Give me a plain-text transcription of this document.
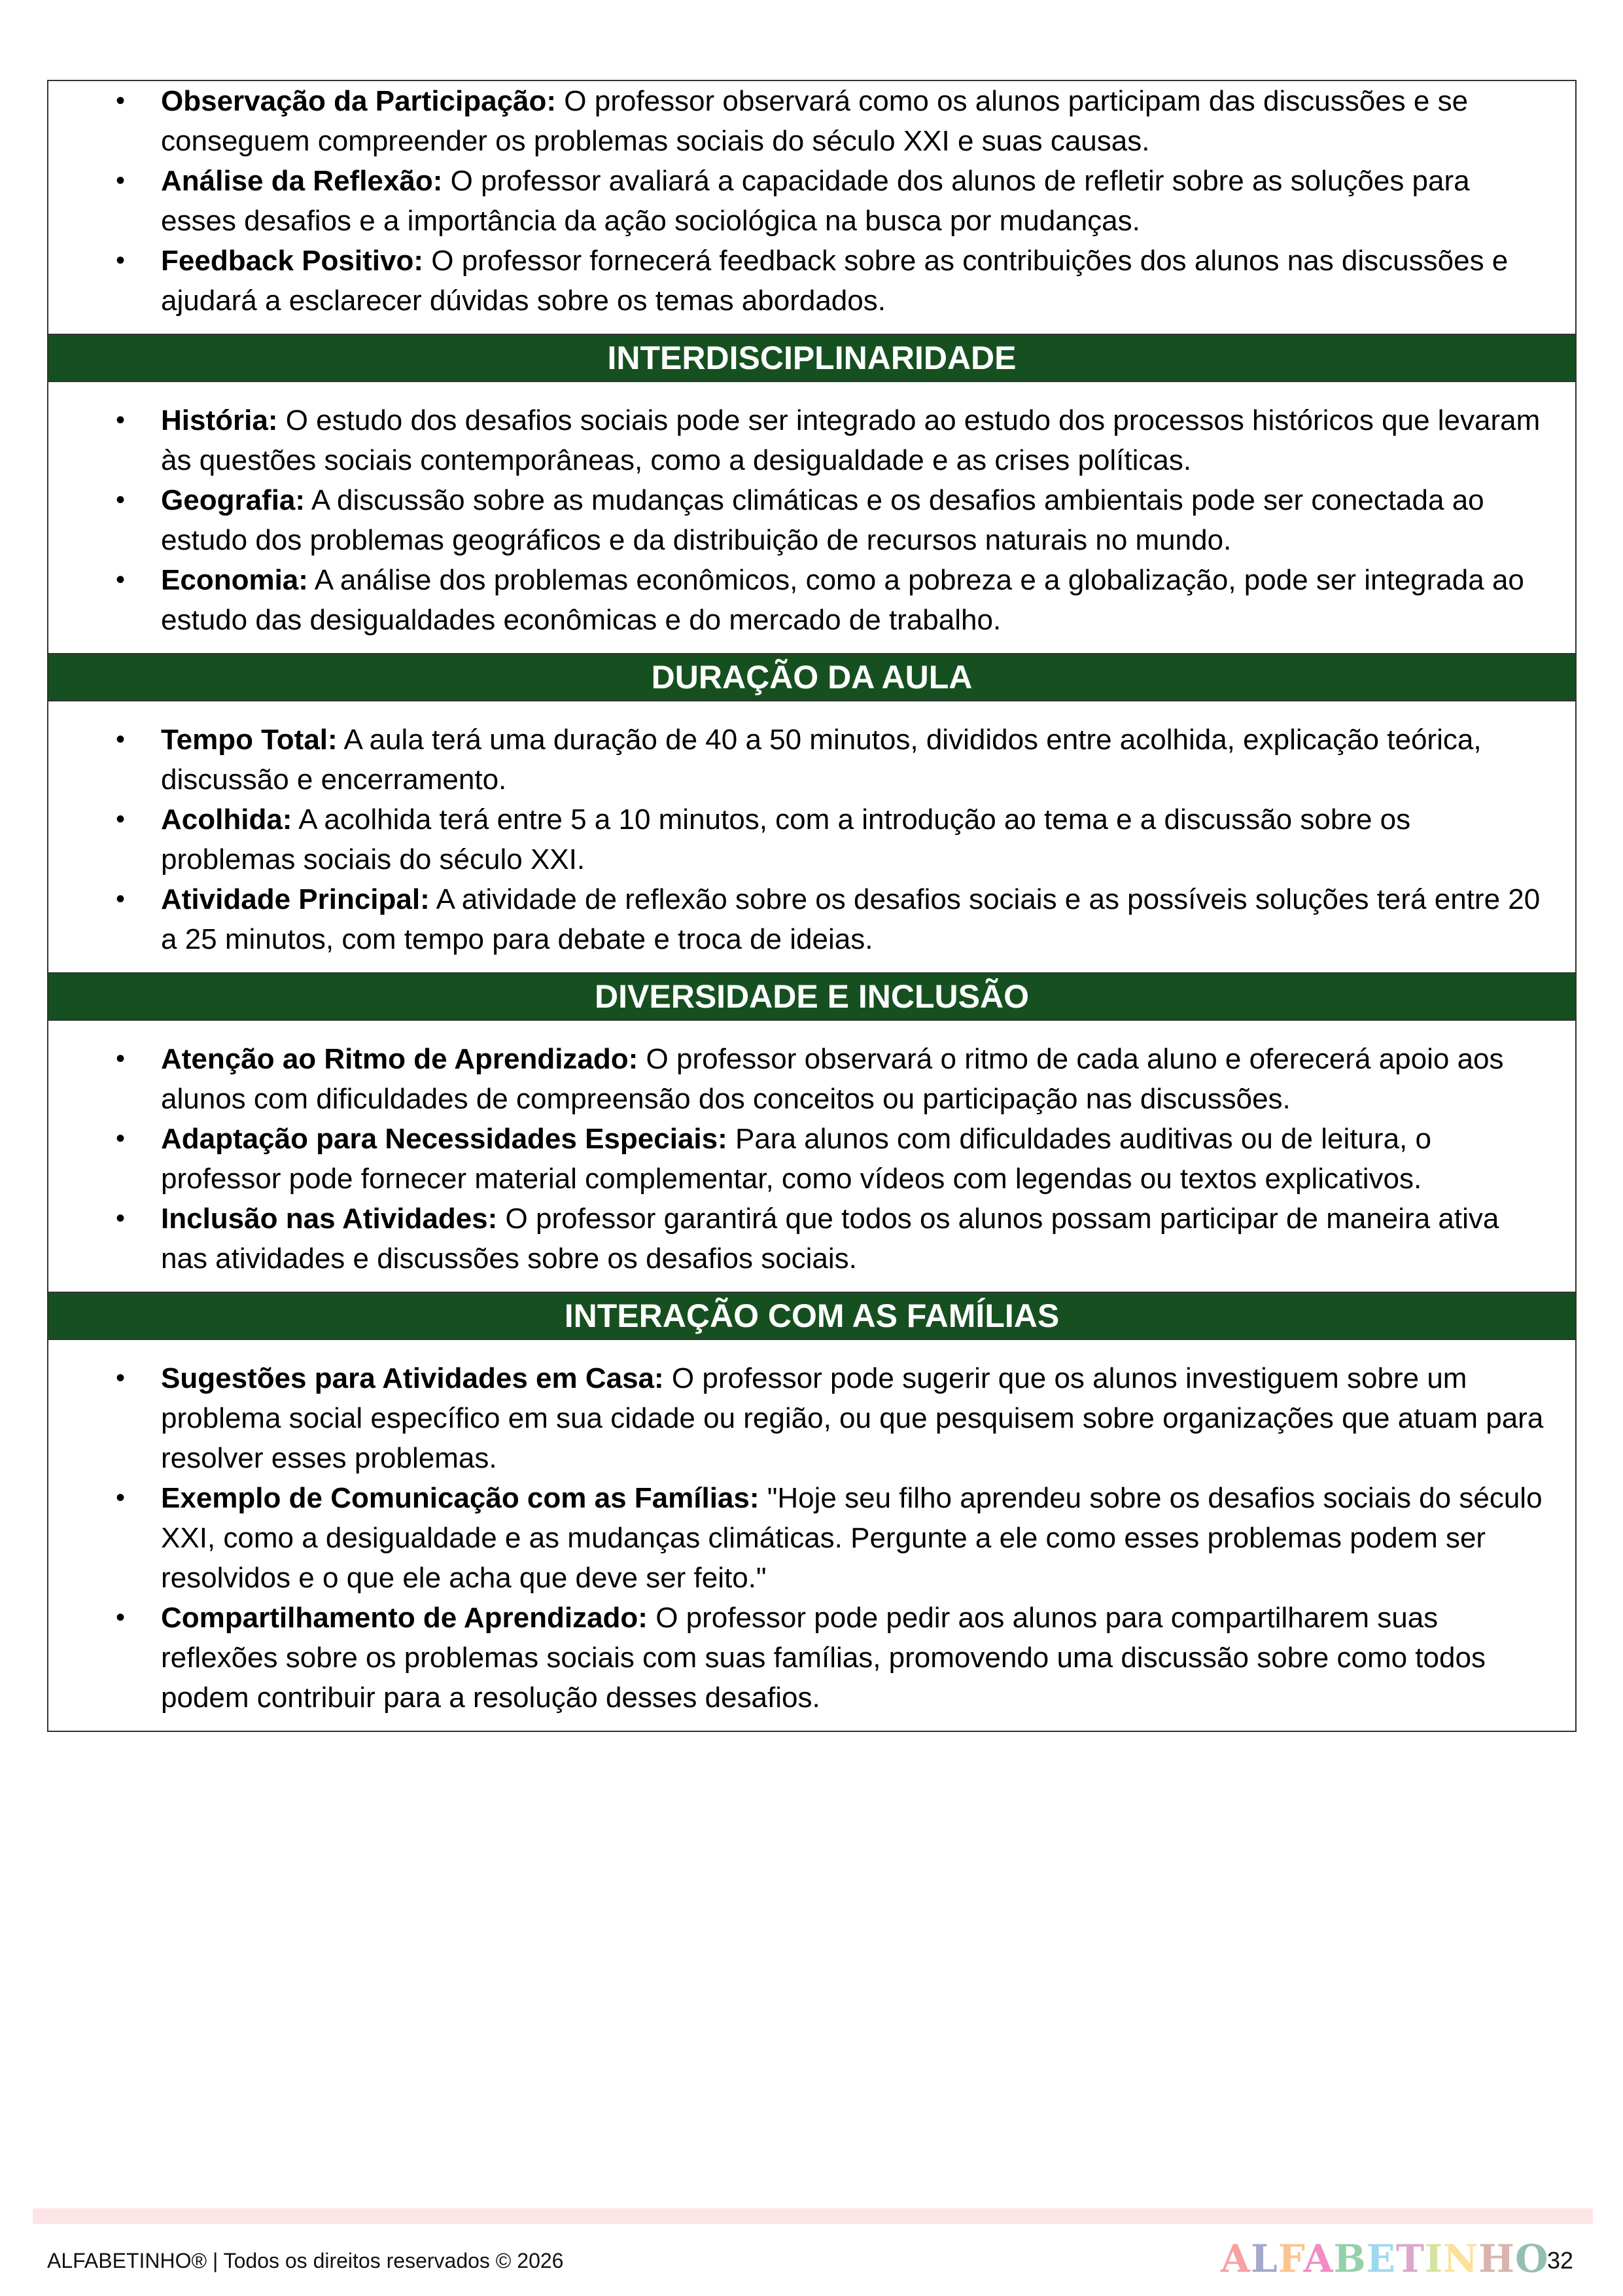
• Observação da Participação: O professor observará como os alunos participam das discussões e se conseguem compreender os problemas sociais do século XXI e suas causas.
• Análise da Reflexão: O professor avaliará a capacidade dos alunos de refletir sobre as soluções para esses desafios e a importância da ação sociológica na busca por mudanças.
• Feedback Positivo: O professor fornecerá feedback sobre as contribuições dos alunos nas discussões e ajudará a esclarecer dúvidas sobre os temas abordados.
INTERDISCIPLINARIDADE
• História: O estudo dos desafios sociais pode ser integrado ao estudo dos processos históricos que levaram às questões sociais contemporâneas, como a desigualdade e as crises políticas.
• Geografia: A discussão sobre as mudanças climáticas e os desafios ambientais pode ser conectada ao estudo dos problemas geográficos e da distribuição de recursos naturais no mundo.
• Economia: A análise dos problemas econômicos, como a pobreza e a globalização, pode ser integrada ao estudo das desigualdades econômicas e do mercado de trabalho.
DURAÇÃO DA AULA
• Tempo Total: A aula terá uma duração de 40 a 50 minutos, divididos entre acolhida, explicação teórica, discussão e encerramento.
• Acolhida: A acolhida terá entre 5 a 10 minutos, com a introdução ao tema e a discussão sobre os problemas sociais do século XXI.
• Atividade Principal: A atividade de reflexão sobre os desafios sociais e as possíveis soluções terá entre 20 a 25 minutos, com tempo para debate e troca de ideias.
DIVERSIDADE E INCLUSÃO
• Atenção ao Ritmo de Aprendizado: O professor observará o ritmo de cada aluno e oferecerá apoio aos alunos com dificuldades de compreensão dos conceitos ou participação nas discussões.
• Adaptação para Necessidades Especiais: Para alunos com dificuldades auditivas ou de leitura, o professor pode fornecer material complementar, como vídeos com legendas ou textos explicativos.
• Inclusão nas Atividades: O professor garantirá que todos os alunos possam participar de maneira ativa nas atividades e discussões sobre os desafios sociais.
INTERAÇÃO COM AS FAMÍLIAS
• Sugestões para Atividades em Casa: O professor pode sugerir que os alunos investiguem sobre um problema social específico em sua cidade ou região, ou que pesquisem sobre organizações que atuam para resolver esses problemas.
• Exemplo de Comunicação com as Famílias: "Hoje seu filho aprendeu sobre os desafios sociais do século XXI, como a desigualdade e as mudanças climáticas. Pergunte a ele como esses problemas podem ser resolvidos e o que ele acha que deve ser feito."
• Compartilhamento de Aprendizado: O professor pode pedir aos alunos para compartilharem suas reflexões sobre os problemas sociais com suas famílias, promovendo uma discussão sobre como todos podem contribuir para a resolução desses desafios.
ALFABETINHO® | Todos os direitos reservados © 2026	ALFABETINHO
32
